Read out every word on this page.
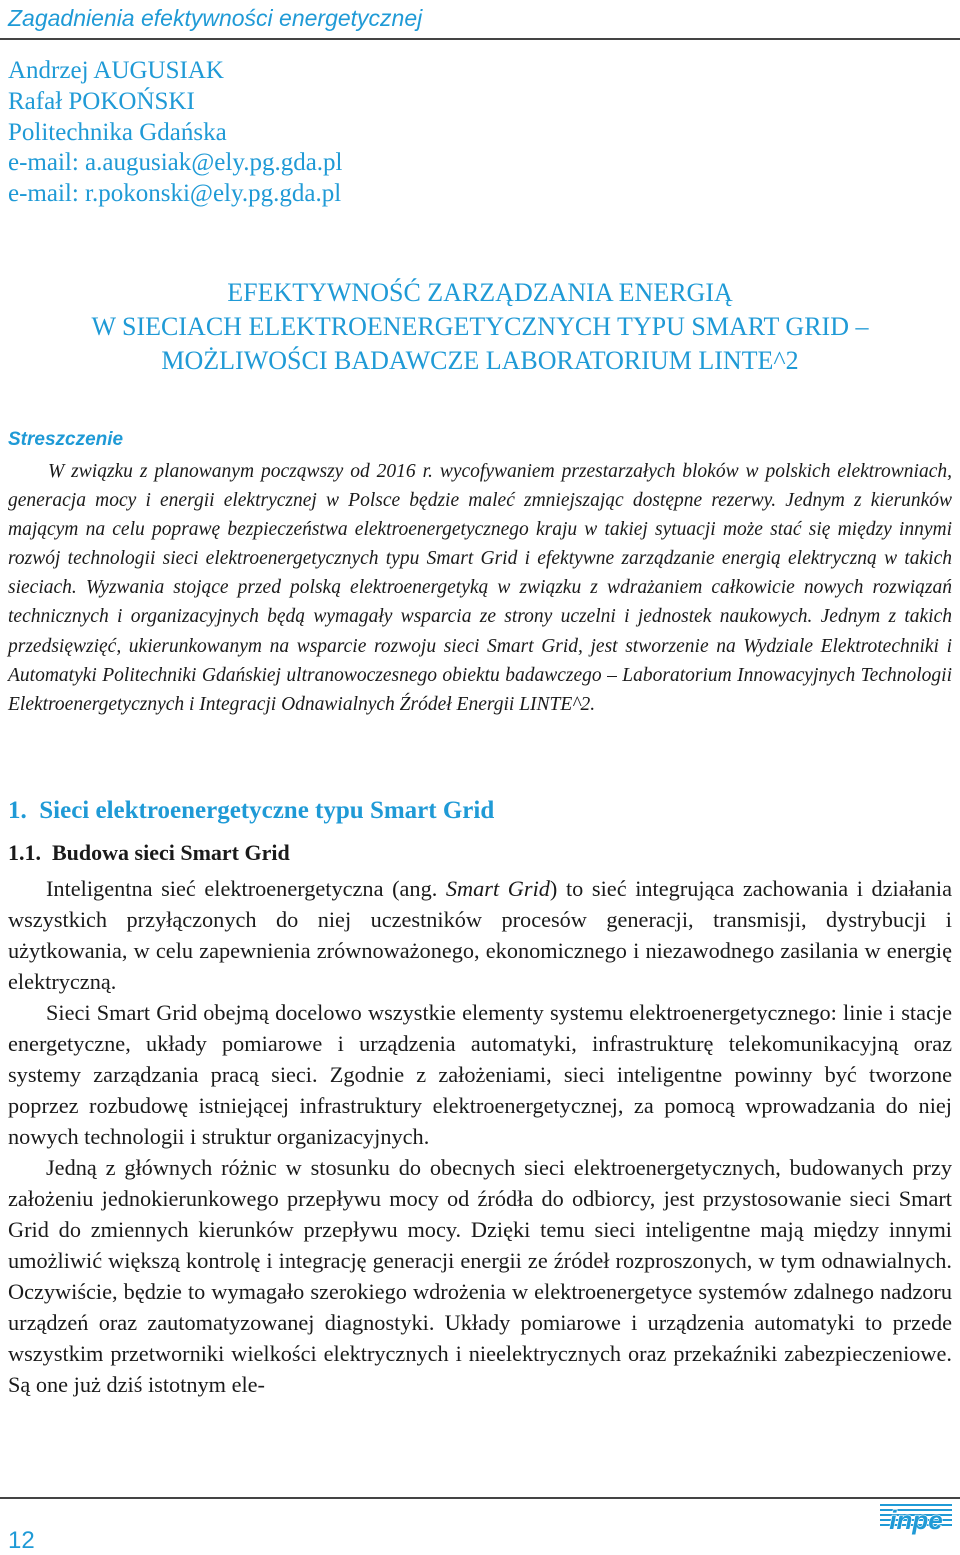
Zagadnienia efektywności energetycznej
Andrzej AUGUSIAK
Rafał POKOŃSKI
Politechnika Gdańska
e-mail: a.augusiak@ely.pg.gda.pl
e-mail: r.pokonski@ely.pg.gda.pl
EFEKTYWNOŚĆ ZARZĄDZANIA ENERGIĄ
W SIECIACH ELEKTROENERGETYCZNYCH TYPU SMART GRID –
MOŻLIWOŚCI BADAWCZE LABORATORIUM LINTE^2
Streszczenie
W związku z planowanym począwszy od 2016 r. wycofywaniem przestarzałych bloków w polskich elektrowniach, generacja mocy i energii elektrycznej w Polsce będzie maleć zmniejszając dostępne rezerwy. Jednym z kierunków mającym na celu poprawę bezpieczeństwa elektroenergetycznego kraju w takiej sytuacji może stać się między innymi rozwój technologii sieci elektroenergetycznych typu Smart Grid i efektywne zarządzanie energią elektryczną w takich sieciach. Wyzwania stojące przed polską elektroenergetyką w związku z wdrażaniem całkowicie nowych rozwiązań technicznych i organizacyjnych będą wymagały wsparcia ze strony uczelni i jednostek naukowych. Jednym z takich przedsięwzięć, ukierunkowanym na wsparcie rozwoju sieci Smart Grid, jest stworzenie na Wydziale Elektrotechniki i Automatyki Politechniki Gdańskiej ultranowoczesnego obiektu badawczego – Laboratorium Innowacyjnych Technologii Elektroenergetycznych i Integracji Odnawialnych Źródeł Energii LINTE^2.
1. Sieci elektroenergetyczne typu Smart Grid
1.1. Budowa sieci Smart Grid

Inteligentna sieć elektroenergetyczna (ang. Smart Grid) to sieć integrująca zachowania i działania wszystkich przyłączonych do niej uczestników procesów generacji, transmisji, dystrybucji i użytkowania, w celu zapewnienia zrównoważonego, ekonomicznego i niezawodnego zasilania w energię elektryczną.

Sieci Smart Grid obejmą docelowo wszystkie elementy systemu elektroenergetycznego: linie i stacje energetyczne, układy pomiarowe i urządzenia automatyki, infrastrukturę telekomunikacyjną oraz systemy zarządzania pracą sieci. Zgodnie z założeniami, sieci inteligentne powinny być tworzone poprzez rozbudowę istniejącej infrastruktury elektroenergetycznej, za pomocą wprowadzania do niej nowych technologii i struktur organizacyjnych.

Jedną z głównych różnic w stosunku do obecnych sieci elektroenergetycznych, budowanych przy założeniu jednokierunkowego przepływu mocy od źródła do odbiorcy, jest przystosowanie sieci Smart Grid do zmiennych kierunków przepływu mocy. Dzięki temu sieci inteligentne mają między innymi umożliwić większą kontrolę i integrację generacji energii ze źródeł rozproszonych, w tym odnawialnych. Oczywiście, będzie to wymagało szerokiego wdrożenia w elektroenergetyce systemów zdalnego nadzoru urządzeń oraz zautomatyzowanej diagnostyki. Układy pomiarowe i urządzenia automatyki to przede wszystkim przetworniki wielkości elektrycznych i nieelektrycznych oraz przekaźniki zabezpieczeniowe. Są one już dziś istotnym ele-

12
inpe
